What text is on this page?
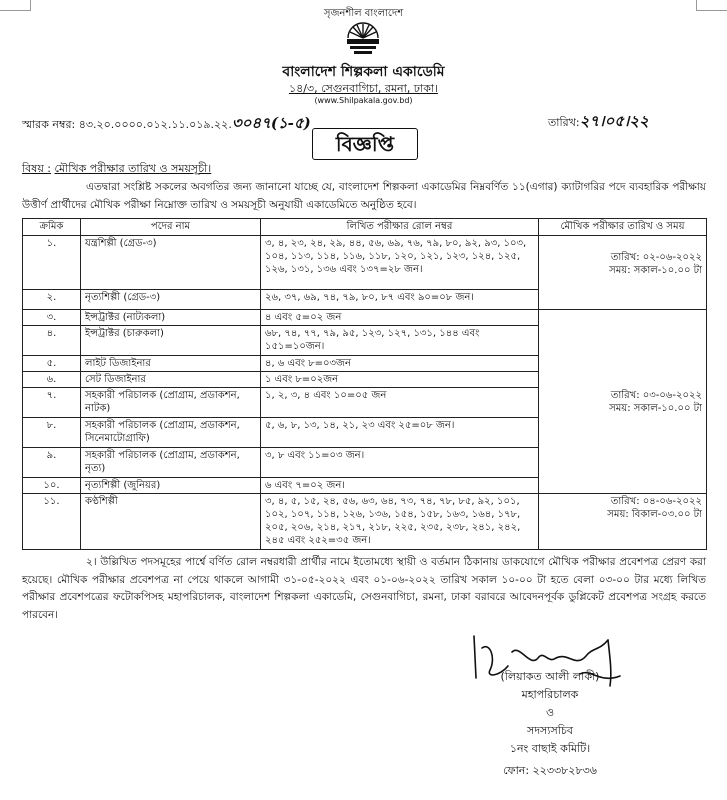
সৃজনশীল বাংলাদেশ
বাংলাদেশ শিল্পকলা একাডেমি
১৪/৩, সেগুনবাগিচা, রমনা, ঢাকা।
(www.Shilpakala.gov.bd)
স্মারক নম্বর: ৪৩.২০.০০০০.০১২.১১.০১৯.২২.৩০৪৭(১-৫)	তারিখ:২৭।০৫।২২
বিজ্ঞপ্তি
বিষয় : মৌখিক পরীক্ষার তারিখ ও সময়সূচী।
এতদ্বারা সংশ্লিষ্ট সকলের অবগতির জন্য জানানো যাচ্ছে যে, বাংলাদেশ শিল্পকলা একাডেমির নিম্নবর্ণিত ১১(এগার) ক্যাটাগরির পদে ব্যবহারিক পরীক্ষায় উত্তীর্ণ প্রার্থীদের মৌখিক পরীক্ষা নিম্নোক্ত তারিখ ও সময়সূচী অনুযায়ী একাডেমিতে অনুষ্ঠিত হবে।
ক্রমিক	পদের নাম	লিখিত পরীক্ষার রোল নম্বর	মৌখিক পরীক্ষার তারিখ ও সময়
১.	যন্ত্রশিল্পী (গ্রেড-৩)	৩, ৪, ২৩, ২৪, ২৯, ৪৪, ৫৬, ৬৯, ৭৬, ৭৯, ৮০, ৯২, ৯৩, ১০৩, ১০৪, ১১৩, ১১৪, ১১৬, ১১৮, ১২০, ১২১, ১২৩, ১২৪, ১২৫, ১২৬, ১৩১, ১৩৬ এবং ১৩৭=২৮ জন।	তারিখ: ০২-০৬-২০২২
সময়: সকাল-১০.০০ টা

২.	নৃত্যশিল্পী (গ্রেড-৩)	২৬, ৩৭, ৬৯, ৭৪, ৭৯, ৮০, ৮৭ এবং ৯০=০৮ জন।	
৩.	ইন্সট্রাক্টর (নাট্যকলা)	৪ এবং ৫=০২ জন	তারিখ: ০৩-০৬-২০২২
সময়: সকাল-১০.০০ টা

৪.	ইন্সট্রাক্টর (চারুকলা)	৬৮, ৭৪, ৭৭, ৭৯, ৯৫, ১২৩, ১২৭, ১৩১, ১৪৪ এবং ১৫১=১০জন।	
৫.	লাইট ডিজাইনার	৪, ৬ এবং ৮=০৩জন	
৬.	সেট ডিজাইনার	১ এবং ৮=০২জন	
৭.	সহকারী পরিচালক (প্রোগ্রাম, প্রডাকশন, নাটক)	১, ২, ৩, ৪ এবং ১০=০৫ জন	
৮.	সহকারী পরিচালক (প্রোগ্রাম, প্রডাকশন, সিনেমাটোগ্রাফি)	৫, ৬, ৮, ১৩, ১৪, ২১, ২৩ এবং ২৫=০৮ জন।	
৯.	সহকারী পরিচালক (প্রোগ্রাম, প্রডাকশন, নৃত্য)	৩, ৮ এবং ১১=০৩ জন।	
১০.	নৃত্যশিল্পী (জুনিয়র)	৬ এবং ৭=০২ জন।	
১১.	কণ্ঠশিল্পী	৩, ৪, ৫, ১৫, ২৪, ৫৬, ৬৩, ৬৪, ৭৩, ৭৪, ৭৮, ৮৫, ৯২, ১০১, ১০২, ১০৭, ১১৪, ১২৬, ১৩৬, ১৫৪, ১৫৮, ১৬৩, ১৬৪, ১৭৮, ২০৫, ২০৬, ২১৪, ২১৭, ২১৮, ২২৫, ২৩৫, ২৩৮, ২৪১, ২৪২, ২৪৫ এবং ২৫২=৩৫ জন।	তারিখ: ০৪-০৬-২০২২
সময়: বিকাল-০৩.০০ টা
২। উল্লিখিত পদসমূহের পার্শ্বে বর্ণিত রোল নম্বরধারী প্রার্থীর নামে ইতোমধ্যে স্থায়ী ও বর্তমান ঠিকানায় ডাকযোগে মৌখিক পরীক্ষার প্রবেশপত্র প্রেরণ করা হয়েছে। মৌখিক পরীক্ষার প্রবেশপত্র না পেয়ে থাকলে আগামী ৩১-০৫-২০২২ এবং ০১-০৬-২০২২ তারিখ সকাল ১০-০০ টা হতে বেলা ০৩-০০ টার মধ্যে লিখিত পরীক্ষার প্রবেশপত্রের ফটোকপিসহ মহাপরিচালক, বাংলাদেশ শিল্পকলা একাডেমি, সেগুনবাগিচা, রমনা, ঢাকা বরাবরে আবেদনপূর্বক ডুপ্লিকেট প্রবেশপত্র সংগ্রহ করতে পারবেন।
(লিয়াকত আলী লাকী)
মহাপরিচালক
ও
সদস্যসচিব
১নং বাছাই কমিটি।
ফোন: ২২৩৩৮২৮৩৬
